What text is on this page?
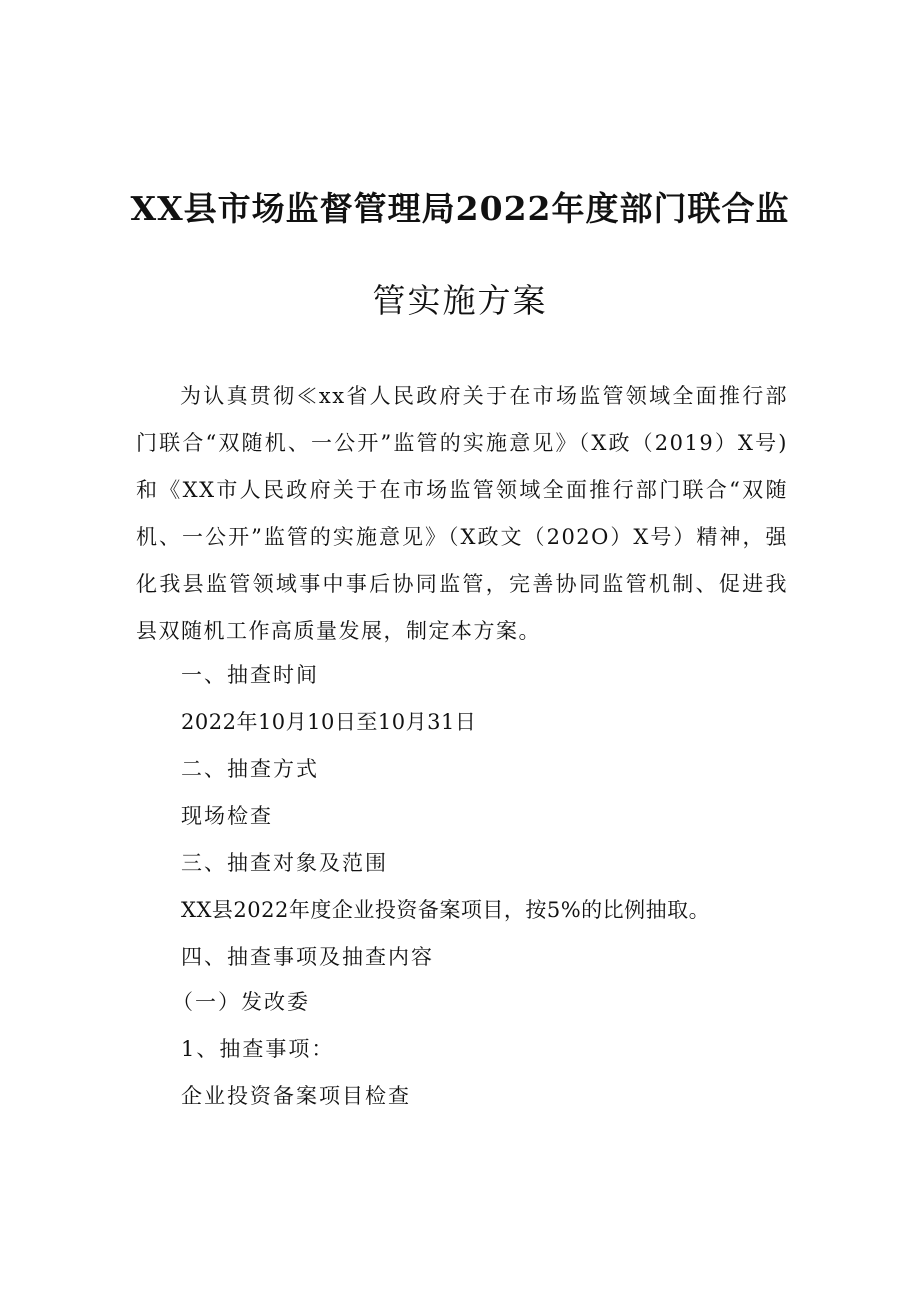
XX县市场监督管理局2022年度部门联合监
管实施方案

为认真贯彻≪xx省人民政府关于在市场监管领域全面推行部门联合“双随机、一公开”监管的实施意见》（X政（2019）X号)和《XX市人民政府关于在市场监管领域全面推行部门联合“双随机、一公开”监管的实施意见》（X政文（202O）X号）精神，强化我县监管领域事中事后协同监管，完善协同监管机制、促进我县双随机工作高质量发展，制定本方案。

一、抽查时间

2022年10月10日至10月31日

二、抽查方式

现场检查

三、抽查对象及范围

XX县2022年度企业投资备案项目，按5%的比例抽取。

四、抽查事项及抽查内容

（一）发改委

1、抽查事项：

企业投资备案项目检查
